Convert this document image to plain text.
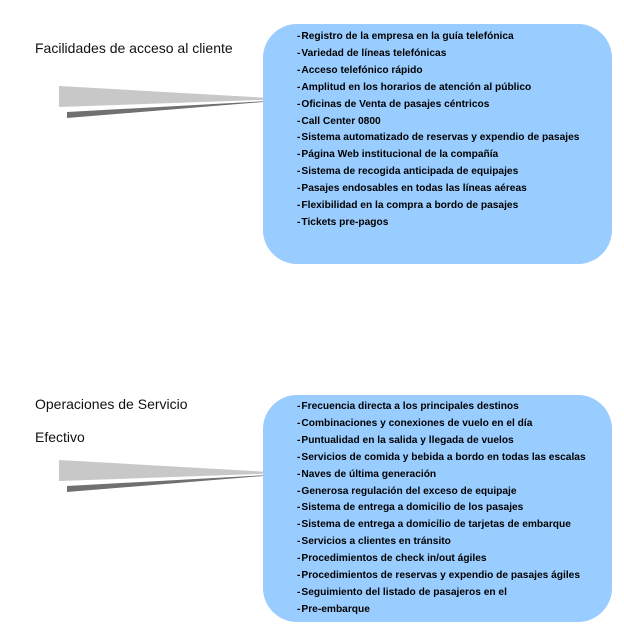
Facilidades de acceso al cliente
-Registro de la empresa en la guía telefónica
-Variedad de líneas telefónicas
-Acceso telefónico rápido
-Amplitud en los horarios de atención al público
-Oficinas de Venta de pasajes céntricos
-Call Center 0800
-Sistema automatizado de reservas y expendio de pasajes
-Página Web institucional de la compañía
-Sistema de recogida anticipada de equipajes
-Pasajes endosables en todas las líneas aéreas
-Flexibilidad en la compra a bordo de pasajes
-Tickets pre-pagos
Operaciones de Servicio
Efectivo
-Frecuencia directa a los principales destinos
-Combinaciones y conexiones de vuelo en el día
-Puntualidad en la salida y llegada de vuelos
-Servicios de comida y bebida a bordo en todas las escalas
-Naves de última generación
-Generosa regulación del exceso de equipaje
-Sistema de entrega a domicilio de los pasajes
-Sistema de entrega a domicilio de tarjetas de embarque
-Servicios a clientes en tránsito
-Procedimientos de check in/out ágiles
-Procedimientos de reservas y expendio de pasajes ágiles
-Seguimiento del listado de pasajeros en el
-Pre-embarque
